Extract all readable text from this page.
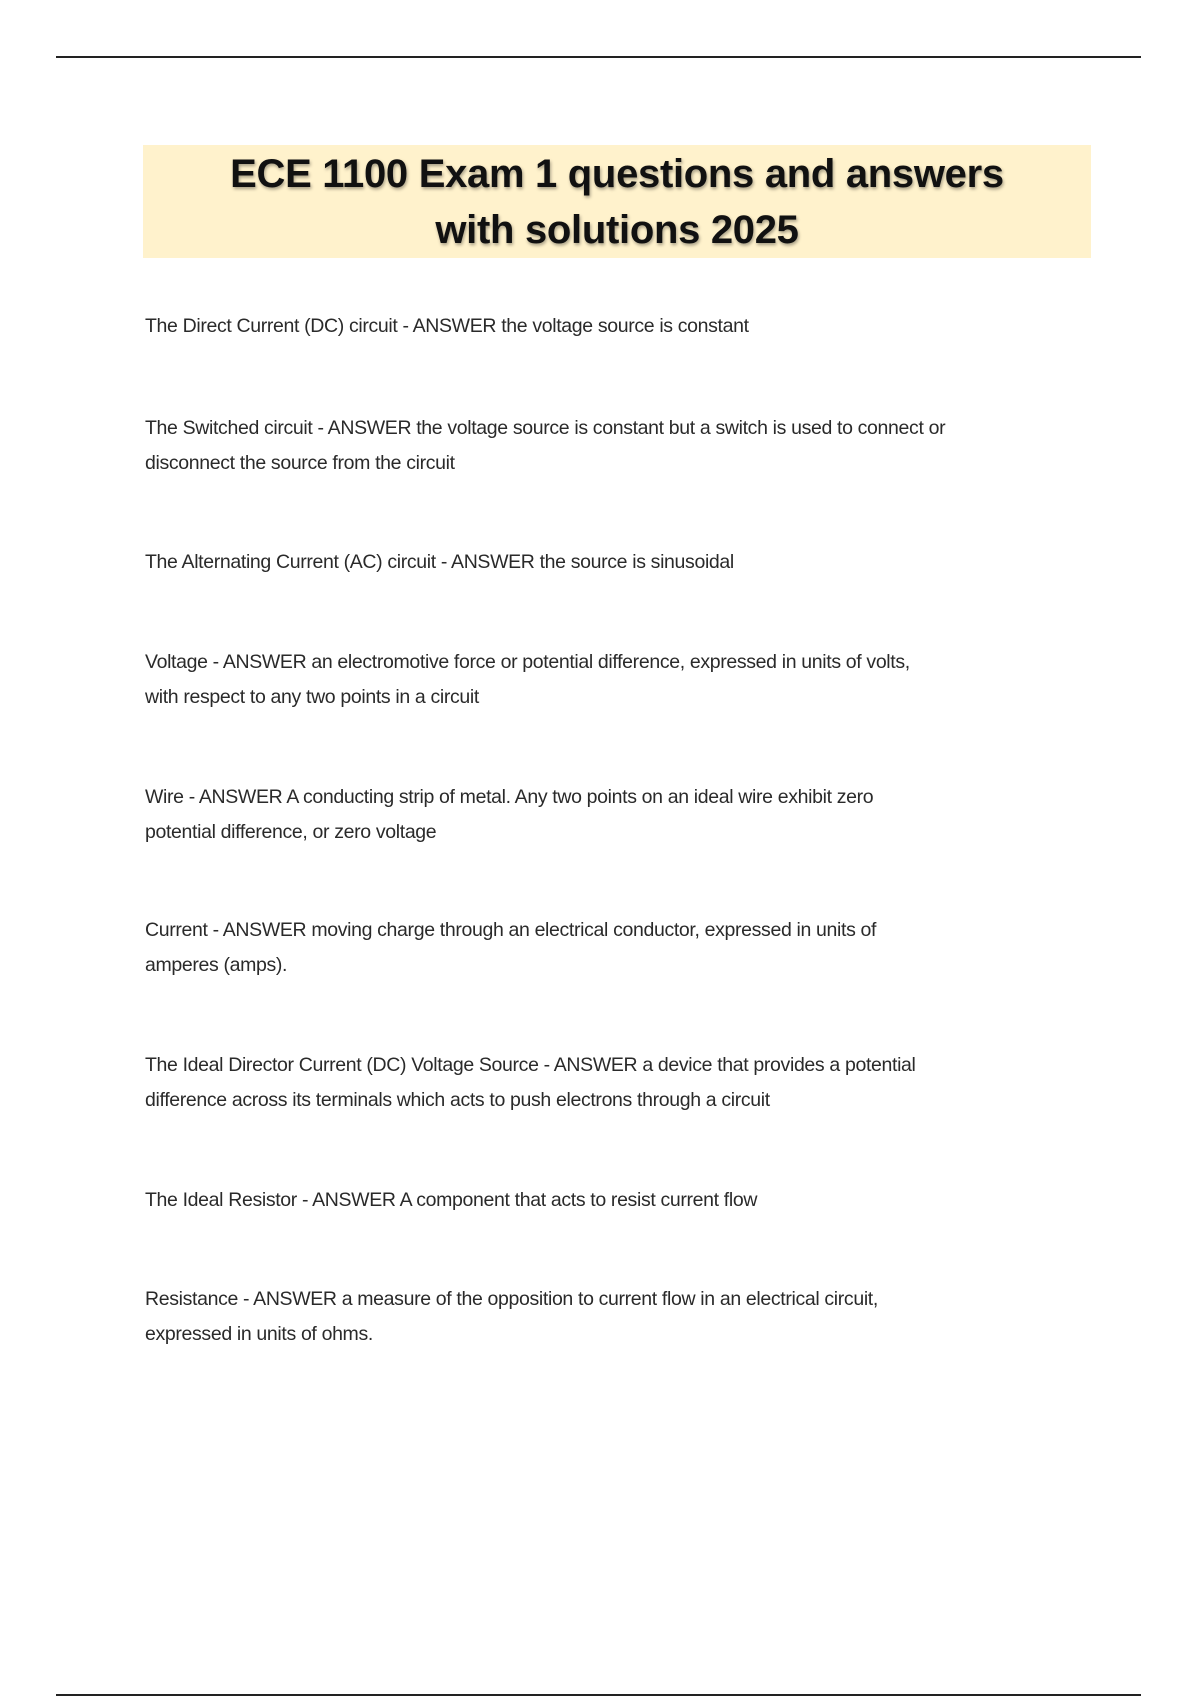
ECE 1100 Exam 1 questions and answers
with solutions 2025
The Direct Current (DC) circuit - ANSWER the voltage source is constant
The Switched circuit - ANSWER the voltage source is constant but a switch is used to connect or
disconnect the source from the circuit
The Alternating Current (AC) circuit - ANSWER the source is sinusoidal
Voltage - ANSWER an electromotive force or potential difference, expressed in units of volts,
with respect to any two points in a circuit
Wire - ANSWER A conducting strip of metal. Any two points on an ideal wire exhibit zero
potential difference, or zero voltage
Current - ANSWER moving charge through an electrical conductor, expressed in units of
amperes (amps).
The Ideal Director Current (DC) Voltage Source - ANSWER a device that provides a potential
difference across its terminals which acts to push electrons through a circuit
The Ideal Resistor - ANSWER A component that acts to resist current flow
Resistance - ANSWER a measure of the opposition to current flow in an electrical circuit,
expressed in units of ohms.
